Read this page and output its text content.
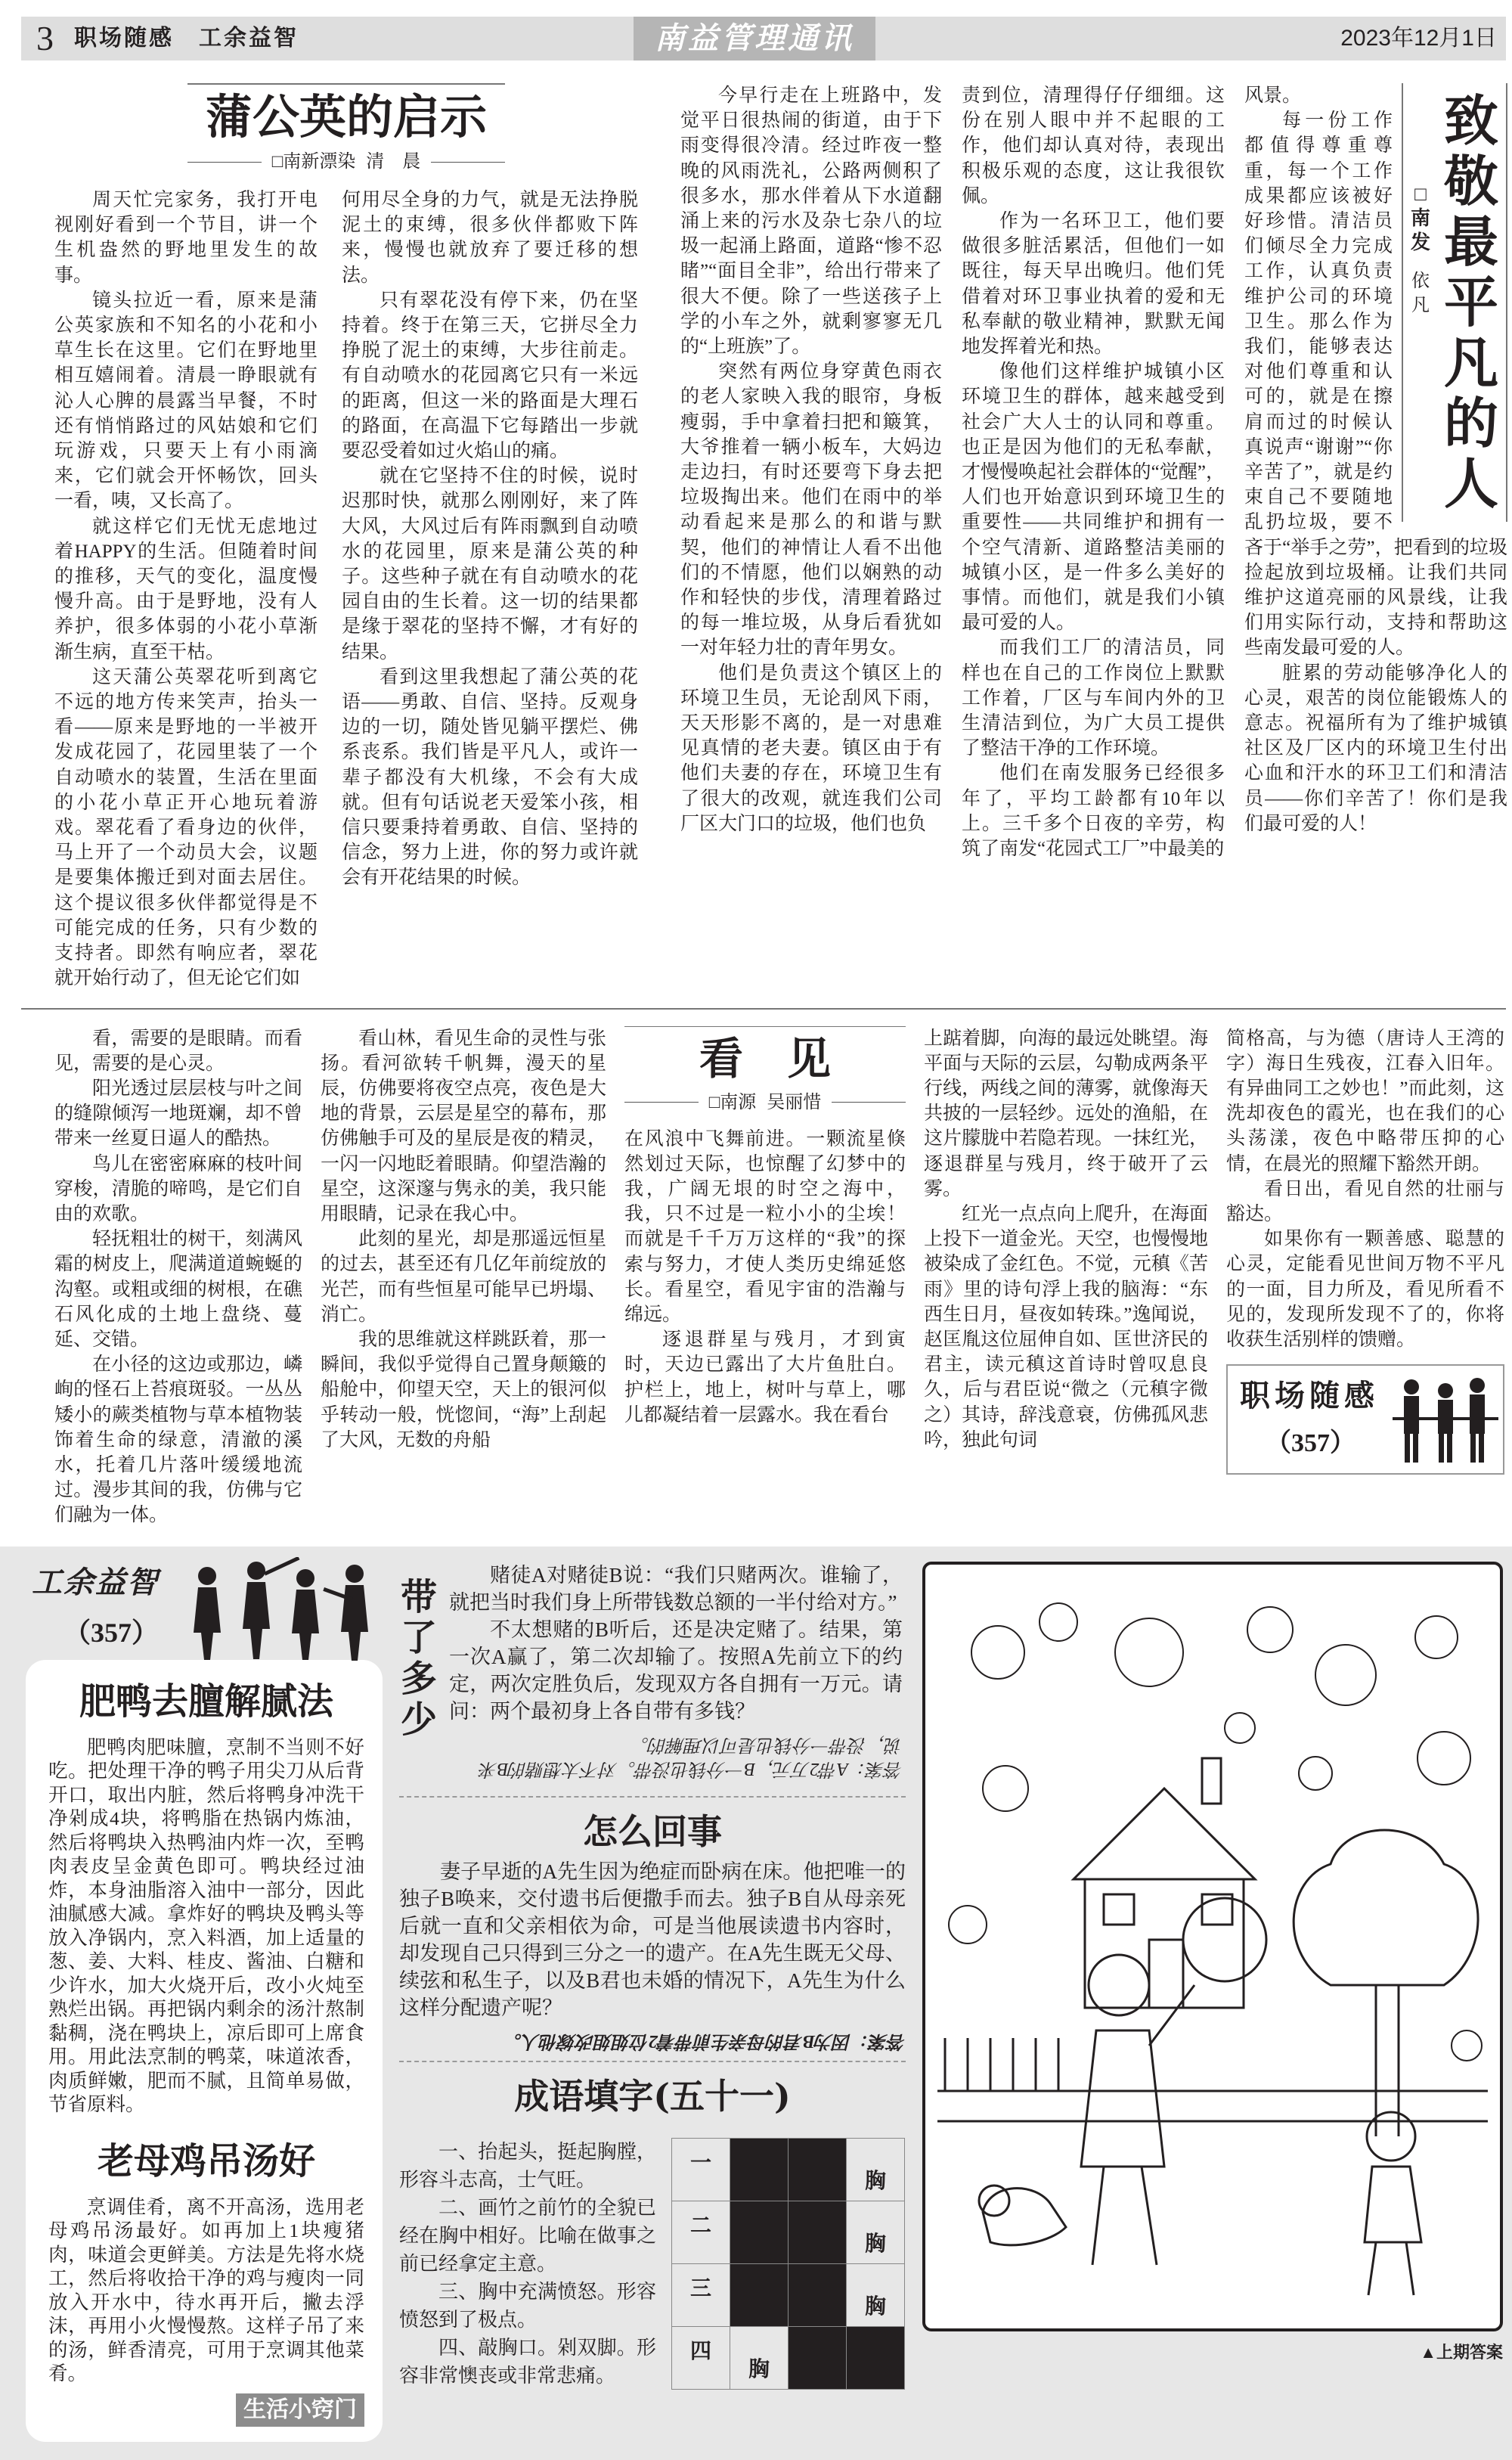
3 职场随感　工余益智	南益管理通讯	2023年12月1日
蒲公英的启示
□南新漂染 清　晨

周天忙完家务，我打开电视刚好看到一个节目，讲一个生机盎然的野地里发生的故事。

镜头拉近一看，原来是蒲公英家族和不知名的小花和小草生长在这里。它们在野地里相互嬉闹着。清晨一睁眼就有沁人心脾的晨露当早餐，不时还有悄悄路过的风姑娘和它们玩游戏，只要天上有小雨滴来，它们就会开怀畅饮，回头一看，咦，又长高了。

就这样它们无忧无虑地过着HAPPY的生活。但随着时间的推移，天气的变化，温度慢慢升高。由于是野地，没有人养护，很多体弱的小花小草渐渐生病，直至干枯。

这天蒲公英翠花听到离它不远的地方传来笑声，抬头一看——原来是野地的一半被开发成花园了，花园里装了一个自动喷水的装置，生活在里面的小花小草正开心地玩着游戏。翠花看了看身边的伙伴，马上开了一个动员大会，议题是要集体搬迁到对面去居住。这个提议很多伙伴都觉得是不可能完成的任务，只有少数的支持者。即然有响应者，翠花就开始行动了，但无论它们如

何用尽全身的力气，就是无法挣脱泥土的束缚，很多伙伴都败下阵来，慢慢也就放弃了要迁移的想法。

只有翠花没有停下来，仍在坚持着。终于在第三天，它拼尽全力挣脱了泥土的束缚，大步往前走。有自动喷水的花园离它只有一米远的距离，但这一米的路面是大理石的路面，在高温下它每踏出一步就要忍受着如过火焰山的痛。

就在它坚持不住的时候，说时迟那时快，就那么刚刚好，来了阵大风，大风过后有阵雨飘到自动喷水的花园里，原来是蒲公英的种子。这些种子就在有自动喷水的花园自由的生长着。这一切的结果都是缘于翠花的坚持不懈，才有好的结果。

看到这里我想起了蒲公英的花语——勇敢、自信、坚持。反观身边的一切，随处皆见躺平摆烂、佛系丧系。我们皆是平凡人，或许一辈子都没有大机缘，不会有大成就。但有句话说老天爱笨小孩，相信只要秉持着勇敢、自信、坚持的信念，努力上进，你的努力或许就会有开花结果的时候。

今早行走在上班路中，发觉平日很热闹的街道，由于下雨变得很冷清。经过昨夜一整晚的风雨洗礼，公路两侧积了很多水，那水伴着从下水道翻涌上来的污水及杂七杂八的垃圾一起涌上路面，道路“惨不忍睹”“面目全非”，给出行带来了很大不便。除了一些送孩子上学的小车之外，就剩寥寥无几的“上班族”了。

突然有两位身穿黄色雨衣的老人家映入我的眼帘，身板瘦弱，手中拿着扫把和簸箕，大爷推着一辆小板车，大妈边走边扫，有时还要弯下身去把垃圾掏出来。他们在雨中的举动看起来是那么的和谐与默契，他们的神情让人看不出他们的不情愿，他们以娴熟的动作和轻快的步伐，清理着路过的每一堆垃圾，从身后看犹如一对年轻力壮的青年男女。

他们是负责这个镇区上的环境卫生员，无论刮风下雨，天天形影不离的，是一对患难见真情的老夫妻。镇区由于有他们夫妻的存在，环境卫生有了很大的改观，就连我们公司厂区大门口的垃圾，他们也负

责到位，清理得仔仔细细。这份在别人眼中并不起眼的工作，他们却认真对待，表现出积极乐观的态度，这让我很钦佩。

作为一名环卫工，他们要做很多脏活累活，但他们一如既往，每天早出晚归。他们凭借着对环卫事业执着的爱和无私奉献的敬业精神，默默无闻地发挥着光和热。

像他们这样维护城镇小区环境卫生的群体，越来越受到社会广大人士的认同和尊重。也正是因为他们的无私奉献，才慢慢唤起社会群体的“觉醒”，人们也开始意识到环境卫生的重要性——共同维护和拥有一个空气清新、道路整洁美丽的城镇小区，是一件多么美好的事情。而他们，就是我们小镇最可爱的人。

而我们工厂的清洁员，同样也在自己的工作岗位上默默工作着，厂区与车间内外的卫生清洁到位，为广大员工提供了整洁干净的工作环境。

他们在南发服务已经很多年了，平均工龄都有10年以上。三千多个日夜的辛劳，构筑了南发“花园式工厂”中最美的

□南发
依　凡
致敬最平凡的人

风景。

每一份工作都值得尊重尊重，每一个工作成果都应该被好好珍惜。清洁员们倾尽全力完成工作，认真负责维护公司的环境卫生。那么作为我们，能够表达对他们尊重和认可的，就是在擦肩而过的时候认真说声“谢谢”“你辛苦了”，就是约束自己不要随地乱扔垃圾，要不吝于“举手之劳”，把看到的垃圾捡起放到垃圾桶。让我们共同维护这道亮丽的风景线，让我们用实际行动，支持和帮助这些南发最可爱的人。

脏累的劳动能够净化人的心灵，艰苦的岗位能锻炼人的意志。祝福所有为了维护城镇社区及厂区内的环境卫生付出心血和汗水的环卫工们和清洁员——你们辛苦了！你们是我们最可爱的人！

看，需要的是眼睛。而看见，需要的是心灵。

阳光透过层层枝与叶之间的缝隙倾泻一地斑斓，却不曾带来一丝夏日逼人的酷热。

鸟儿在密密麻麻的枝叶间穿梭，清脆的啼鸣，是它们自由的欢歌。

轻抚粗壮的树干，刻满风霜的树皮上，爬满道道蜿蜒的沟壑。或粗或细的树根，在礁石风化成的土地上盘绕、蔓延、交错。

在小径的这边或那边，嶙峋的怪石上苔痕斑驳。一丛丛矮小的蕨类植物与草本植物装饰着生命的绿意，清澈的溪水，托着几片落叶缓缓地流过。漫步其间的我，仿佛与它们融为一体。

看山林，看见生命的灵性与张扬。看河欲转千帆舞，漫天的星辰，仿佛要将夜空点亮，夜色是大地的背景，云层是星空的幕布，那仿佛触手可及的星辰是夜的精灵，一闪一闪地眨着眼睛。仰望浩瀚的星空，这深邃与隽永的美，我只能用眼睛，记录在我心中。

此刻的星光，却是那遥远恒星的过去，甚至还有几亿年前绽放的光芒，而有些恒星可能早已坍塌、消亡。

我的思维就这样跳跃着，那一瞬间，我似乎觉得自己置身颠簸的船舱中，仰望天空，天上的银河似乎转动一般，恍惚间，“海”上刮起了大风，无数的舟船

看　见
□南源 吴丽惜

在风浪中飞舞前进。一颗流星倏然划过天际，也惊醒了幻梦中的我，广阔无垠的时空之海中，我，只不过是一粒小小的尘埃！而就是千千万万这样的“我”的探索与努力，才使人类历史绵延悠长。看星空，看见宇宙的浩瀚与绵远。

逐退群星与残月，才到寅时，天边已露出了大片鱼肚白。护栏上，地上，树叶与草上，哪儿都凝结着一层露水。我在看台

上踮着脚，向海的最远处眺望。海平面与天际的云层，勾勒成两条平行线，两线之间的薄雾，就像海天共披的一层轻纱。远处的渔船，在这片朦胧中若隐若现。一抹红光，逐退群星与残月，终于破开了云雾。

红光一点点向上爬升，在海面上投下一道金光。天空，也慢慢地被染成了金红色。不觉，元稹《苦雨》里的诗句浮上我的脑海：“东西生日月，昼夜如转珠。”逸闻说，赵匡胤这位屈伸自如、匡世济民的君主，读元稹这首诗时曾叹息良久，后与君臣说“微之（元稹字微之）其诗，辞浅意衰，仿佛孤风悲吟，独此句词

简格高，与为德（唐诗人王湾的字）海日生残夜，江春入旧年。有异曲同工之妙也！”而此刻，这洗却夜色的霞光，也在我们的心头荡漾，夜色中略带压抑的心情，在晨光的照耀下豁然开朗。

看日出，看见自然的壮丽与豁达。

如果你有一颗善感、聪慧的心灵，定能看见世间万物不平凡的一面，目力所及，看见所看不见的，发现所发现不了的，你将收获生活别样的馈赠。

职场随感
（357）
工余益智
（357）
肥鸭去膻解腻法

肥鸭肉肥味膻，烹制不当则不好吃。把处理干净的鸭子用尖刀从后背开口，取出内脏，然后将鸭身冲洗干净剁成4块，将鸭脂在热锅内炼油，然后将鸭块入热鸭油内炸一次，至鸭肉表皮呈金黄色即可。鸭块经过油炸，本身油脂溶入油中一部分，因此油腻感大减。拿炸好的鸭块及鸭头等放入净锅内，烹入料酒，加上适量的葱、姜、大料、桂皮、酱油、白糖和少许水，加大火烧开后，改小火炖至熟烂出锅。再把锅内剩余的汤汁熬制黏稠，浇在鸭块上，凉后即可上席食用。用此法烹制的鸭菜，味道浓香，肉质鲜嫩，肥而不腻，且简单易做，节省原料。

老母鸡吊汤好

烹调佳肴，离不开高汤，选用老母鸡吊汤最好。如再加上1块瘦猪肉，味道会更鲜美。方法是先将水烧工，然后将收拾干净的鸡与瘦肉一同放入开水中，待水再开后，撇去浮沫，再用小火慢慢熬。这样子吊了来的汤，鲜香清亮，可用于烹调其他菜肴。

生活小窍门
带了多少

赌徒A对赌徒B说：“我们只赌两次。谁输了，就把当时我们身上所带钱数总额的一半付给对方。”

不太想赌的B听后，还是决定赌了。结果，第一次A赢了，第二次却输了。按照A先前立下的约定，两次定胜负后，发现双方各自拥有一万元。请问：两个最初身上各自带有多钱？

答案：A带2万元，B一分钱也没带。对不太想赌的B来说，没带一分钱也是可以理解的。
怎么回事

妻子早逝的A先生因为绝症而卧病在床。他把唯一的独子B唤来，交付遗书后便撒手而去。独子B自从母亲死后就一直和父亲相依为命，可是当他展读遗书内容时，却发现自己只得到三分之一的遗产。在A先生既无父母、续弦和私生子，以及B君也未婚的情况下，A先生为什么这样分配遗产呢？

答案：因为B君的母亲生前带着2位姐姐改嫁他人。
成语填字(五十一)

一、抬起头，挺起胸膛，形容斗志高，士气旺。

二、画竹之前竹的全貌已经在胸中相好。比喻在做事之前已经拿定主意。

三、胸中充满愤怒。形容愤怒到了极点。

四、敲胸口。剁双脚。形容非常懊丧或非常悲痛。

一			胸
二			胸
三			胸
四	胸		
▲上期答案
